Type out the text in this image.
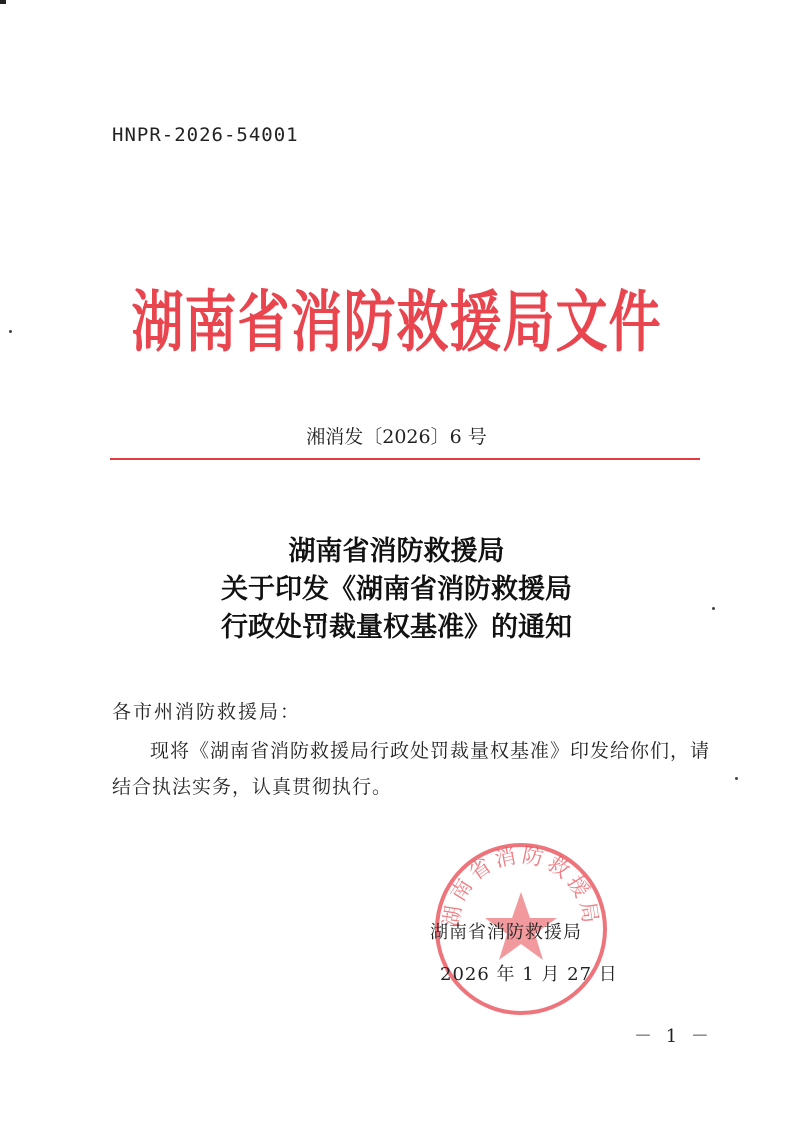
HNPR-2026-54001
湖南省消防救援局文件
湘消发〔2026〕6 号
湖南省消防救援局
关于印发《湖南省消防救援局
行政处罚裁量权基准》的通知
各市州消防救援局：
现将《湖南省消防救援局行政处罚裁量权基准》印发给你们，请结合执法实务，认真贯彻执行。
湖南省消防救援局
湖南省消防救援局
2026 年 1 月 27 日
－ 1 －
